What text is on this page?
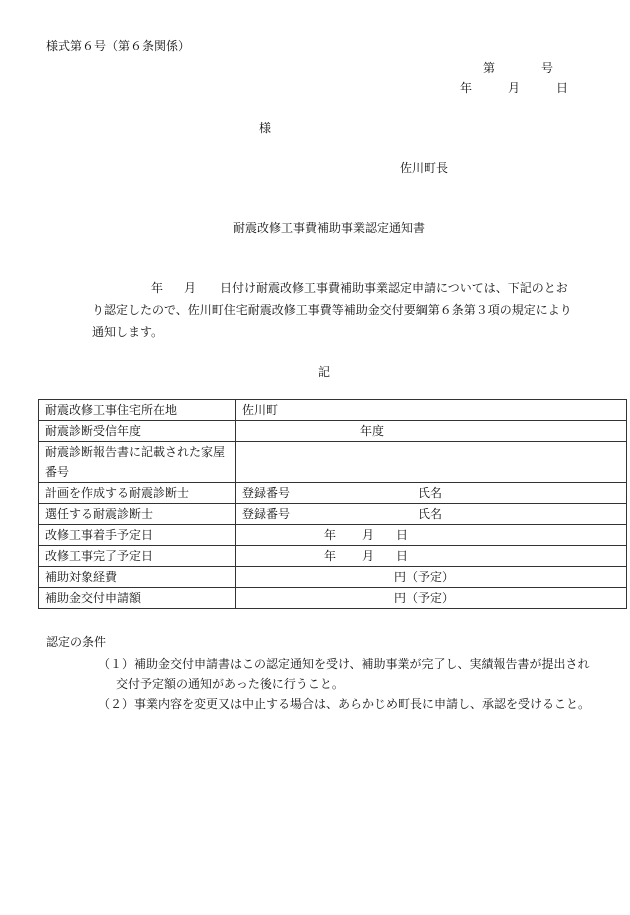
様式第６号（第６条関係）
第	号
年	月	日
様
佐川町長
耐震改修工事費補助事業認定通知書
年 月 日付け耐震改修工事費補助事業認定申請については、下記のとお
り認定したので、佐川町住宅耐震改修工事費等補助金交付要綱第６条第３項の規定により
通知します。
記
耐震改修工事住宅所在地	佐川町
耐震診断受信年度	年度

耐震診断報告書に記載された家屋番号	
計画を作成する耐震診断士	登録番号 氏名

選任する耐震診断士	登録番号 氏名

改修工事着手予定日	年 月 日

改修工事完了予定日	年 月 日

補助対象経費	円（予定）

補助金交付申請額	円（予定）
認定の条件
（１）補助金交付申請書はこの認定通知を受け、補助事業が完了し、実績報告書が提出され
交付予定額の通知があった後に行うこと。
（２）事業内容を変更又は中止する場合は、あらかじめ町長に申請し、承認を受けること。
